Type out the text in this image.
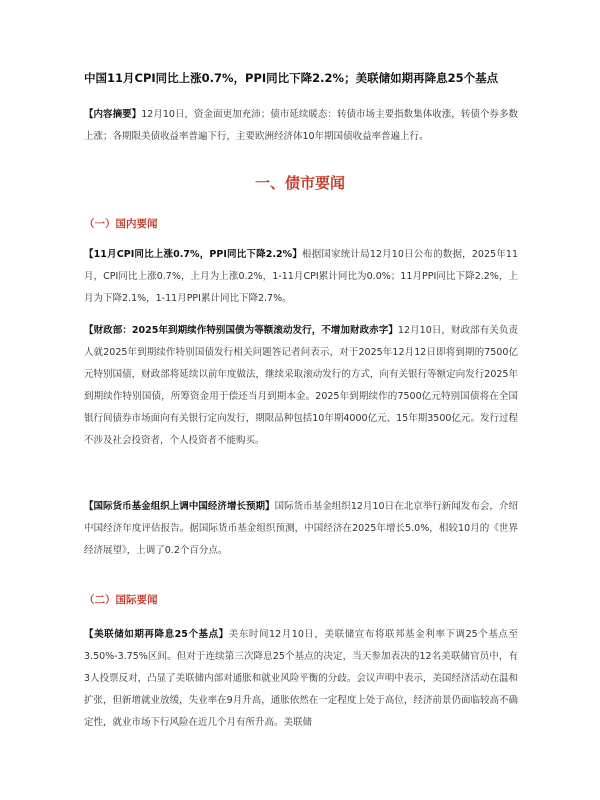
中国11月CPI同比上涨0.7%，PPI同比下降2.2%；美联储如期再降息25个基点
【内容摘要】12月10日，资金面更加充沛；债市延续暖态：转债市场主要指数集体收涨，转债个券多数上涨；各期限美债收益率普遍下行，主要欧洲经济体10年期国债收益率普遍上行。
一、债市要闻
（一）国内要闻
【11月CPI同比上涨0.7%，PPI同比下降2.2%】根据国家统计局12月10日公布的数据，2025年11月，CPI同比上涨0.7%，上月为上涨0.2%，1-11月CPI累计同比为0.0%；11月PPI同比下降2.2%，上月为下降2.1%，1-11月PPI累计同比下降2.7%。
【财政部：2025年到期续作特别国债为等额滚动发行，不增加财政赤字】12月10日，财政部有关负责人就2025年到期续作特别国债发行相关问题答记者问表示，对于2025年12月12日即将到期的7500亿元特别国债，财政部将延续以前年度做法，继续采取滚动发行的方式，向有关银行等额定向发行2025年到期续作特别国债，所筹资金用于偿还当月到期本金。2025年到期续作的7500亿元特别国债将在全国银行间债券市场面向有关银行定向发行，期限品种包括10年期4000亿元、15年期3500亿元。发行过程不涉及社会投资者，个人投资者不能购买。
【国际货币基金组织上调中国经济增长预期】国际货币基金组织12月10日在北京举行新闻发布会，介绍中国经济年度评估报告。据国际货币基金组织预测，中国经济在2025年增长5.0%，相较10月的《世界经济展望》，上调了0.2个百分点。
（二）国际要闻
【美联储如期再降息25个基点】美东时间12月10日，美联储宣布将联邦基金利率下调25个基点至3.50%-3.75%区间。但对于连续第三次降息25个基点的决定，当天参加表决的12名美联储官员中，有3人投票反对，凸显了美联储内部对通胀和就业风险平衡的分歧。会议声明中表示，美国经济活动在温和扩张，但新增就业放缓，失业率在9月升高，通胀依然在一定程度上处于高位，经济前景仍面临较高不确定性，就业市场下行风险在近几个月有所升高。美联储
